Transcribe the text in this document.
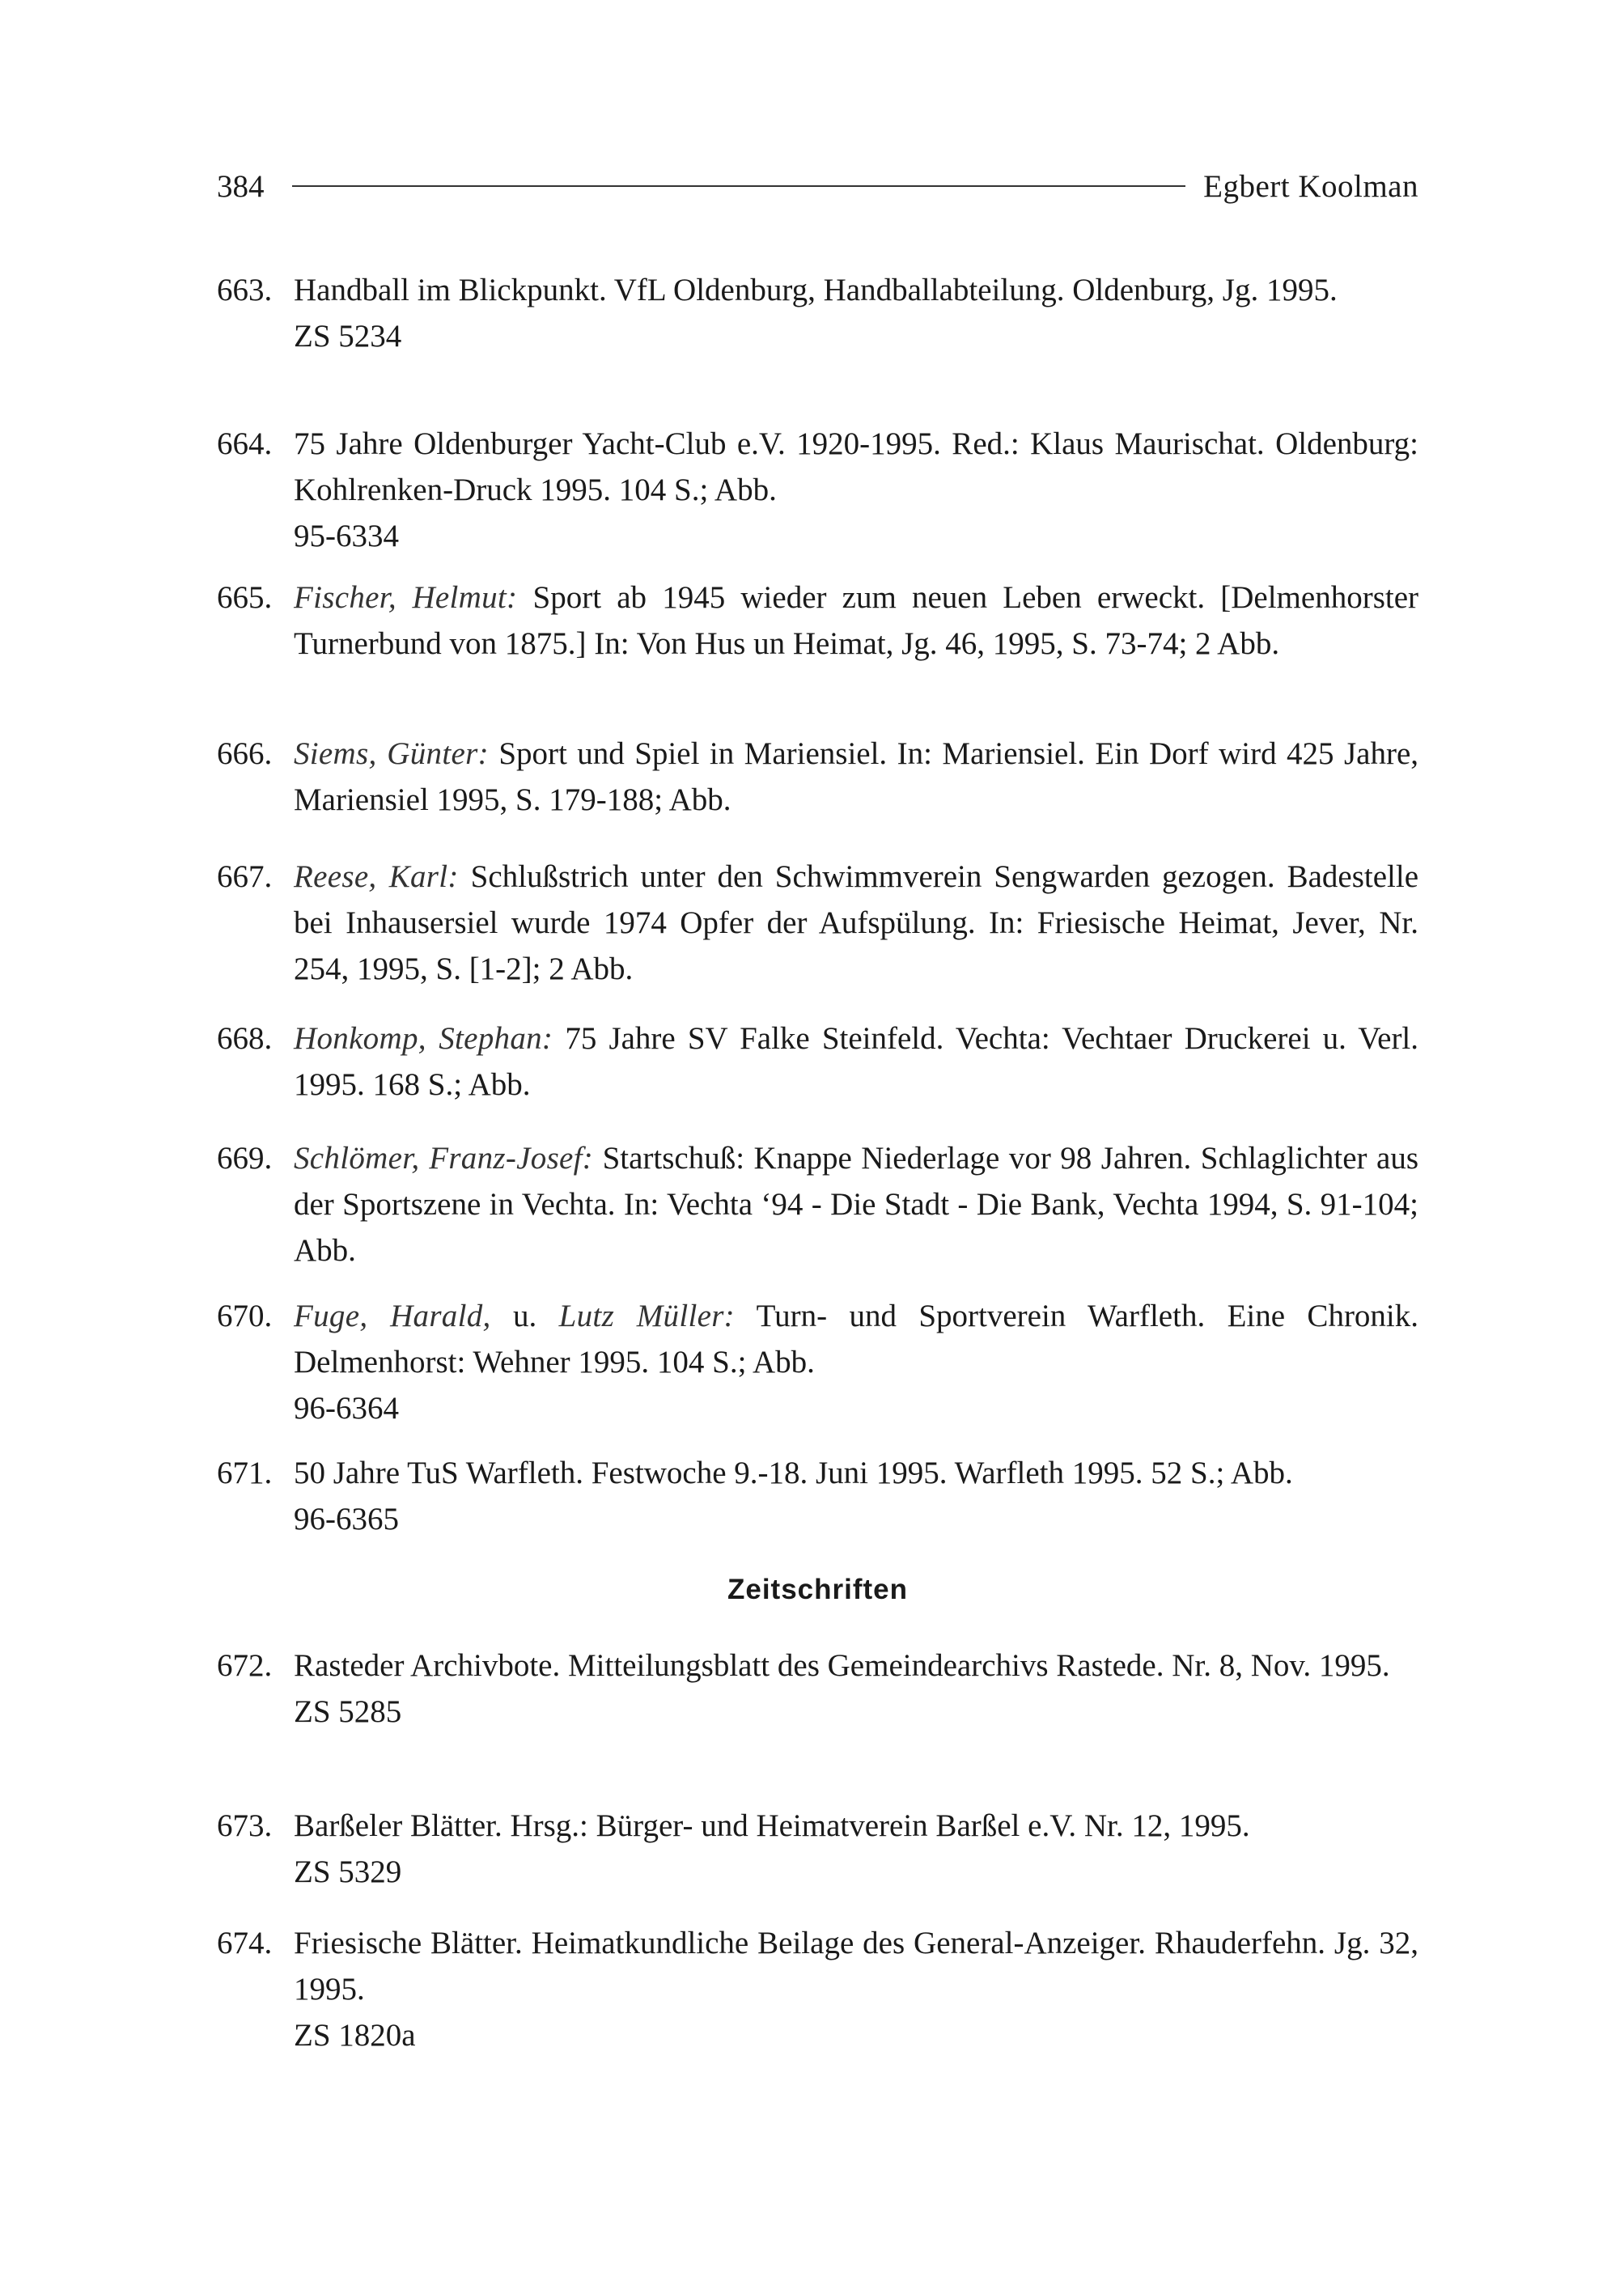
384	Egbert Koolman
663. Handball im Blickpunkt. VfL Oldenburg, Handballabteilung. Oldenburg, Jg. 1995.
ZS 5234
664. 75 Jahre Oldenburger Yacht-Club e.V. 1920-1995. Red.: Klaus Maurischat. Oldenburg: Kohlrenken-Druck 1995. 104 S.; Abb.
95-6334
665. Fischer, Helmut: Sport ab 1945 wieder zum neuen Leben erweckt. [Delmenhorster Turnerbund von 1875.] In: Von Hus un Heimat, Jg. 46, 1995, S. 73-74; 2 Abb.
666. Siems, Günter: Sport und Spiel in Mariensiel. In: Mariensiel. Ein Dorf wird 425 Jahre, Mariensiel 1995, S. 179-188; Abb.
667. Reese, Karl: Schlußstrich unter den Schwimmverein Sengwarden gezogen. Badestelle bei Inhausersiel wurde 1974 Opfer der Aufspülung. In: Friesische Heimat, Jever, Nr. 254, 1995, S. [1-2]; 2 Abb.
668. Honkomp, Stephan: 75 Jahre SV Falke Steinfeld. Vechta: Vechtaer Druckerei u. Verl. 1995. 168 S.; Abb.
669. Schlömer, Franz-Josef: Startschuß: Knappe Niederlage vor 98 Jahren. Schlaglichter aus der Sportszene in Vechta. In: Vechta ‘94 - Die Stadt - Die Bank, Vechta 1994, S. 91-104; Abb.
670. Fuge, Harald, u. Lutz Müller: Turn- und Sportverein Warfleth. Eine Chronik. Delmenhorst: Wehner 1995. 104 S.; Abb.
96-6364
671. 50 Jahre TuS Warfleth. Festwoche 9.-18. Juni 1995. Warfleth 1995. 52 S.; Abb.
96-6365
Zeitschriften
672. Rasteder Archivbote. Mitteilungsblatt des Gemeindearchivs Rastede. Nr. 8, Nov. 1995.
ZS 5285
673. Barßeler Blätter. Hrsg.: Bürger- und Heimatverein Barßel e.V. Nr. 12, 1995.
ZS 5329
674. Friesische Blätter. Heimatkundliche Beilage des General-Anzeiger. Rhauderfehn. Jg. 32, 1995.
ZS 1820a
